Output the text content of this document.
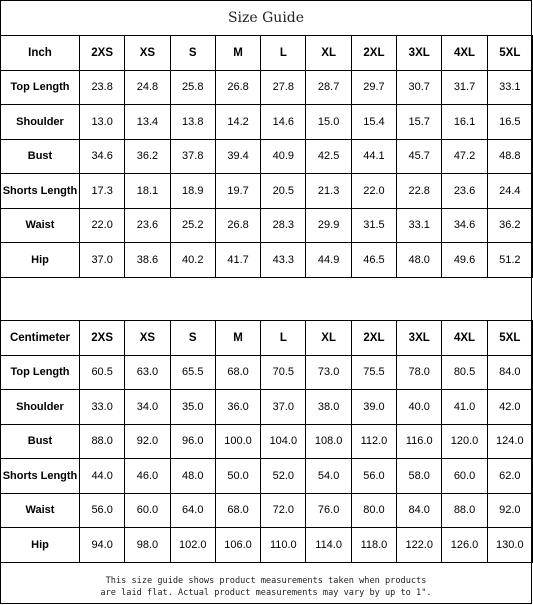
Size Guide
Inch	2XS	XS	S	M	L	XL	2XL	3XL	4XL	5XL
Top Length	23.8	24.8	25.8	26.8	27.8	28.7	29.7	30.7	31.7	33.1
Shoulder	13.0	13.4	13.8	14.2	14.6	15.0	15.4	15.7	16.1	16.5
Bust	34.6	36.2	37.8	39.4	40.9	42.5	44.1	45.7	47.2	48.8
Shorts Length	17.3	18.1	18.9	19.7	20.5	21.3	22.0	22.8	23.6	24.4
Waist	22.0	23.6	25.2	26.8	28.3	29.9	31.5	33.1	34.6	36.2
Hip	37.0	38.6	40.2	41.7	43.3	44.9	46.5	48.0	49.6	51.2
Centimeter	2XS	XS	S	M	L	XL	2XL	3XL	4XL	5XL
Top Length	60.5	63.0	65.5	68.0	70.5	73.0	75.5	78.0	80.5	84.0
Shoulder	33.0	34.0	35.0	36.0	37.0	38.0	39.0	40.0	41.0	42.0
Bust	88.0	92.0	96.0	100.0	104.0	108.0	112.0	116.0	120.0	124.0
Shorts Length	44.0	46.0	48.0	50.0	52.0	54.0	56.0	58.0	60.0	62.0
Waist	56.0	60.0	64.0	68.0	72.0	76.0	80.0	84.0	88.0	92.0
Hip	94.0	98.0	102.0	106.0	110.0	114.0	118.0	122.0	126.0	130.0
This size guide shows product measurements taken when products
are laid flat. Actual product measurements may vary by up to 1".
